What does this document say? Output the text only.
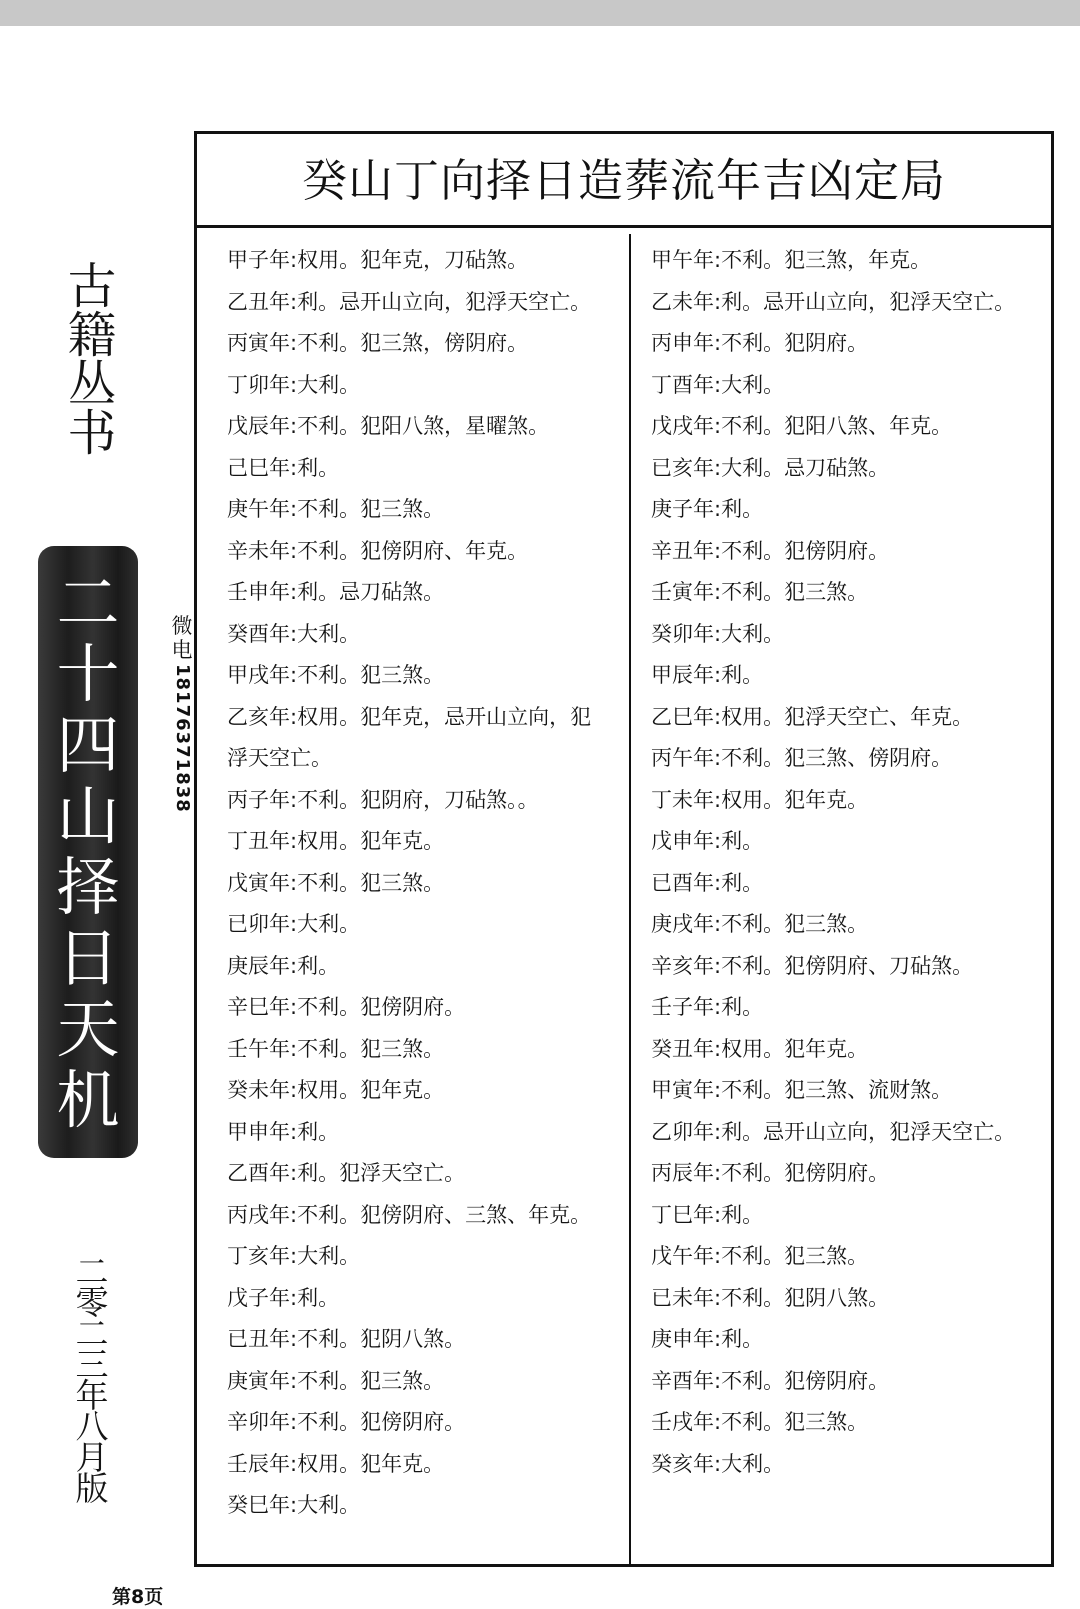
古籍丛书
二十四山择日天机
微电
18176371838
二零二三年八月版
第8页
癸山丁向择日造葬流年吉凶定局
甲子年:权用。犯年克，刀砧煞。
乙丑年:利。忌开山立向，犯浮天空亡。
丙寅年:不利。犯三煞，傍阴府。
丁卯年:大利。
戊辰年:不利。犯阳八煞，星曜煞。
己巳年:利。
庚午年:不利。犯三煞。
辛未年:不利。犯傍阴府、年克。
壬申年:利。忌刀砧煞。
癸酉年:大利。
甲戌年:不利。犯三煞。
乙亥年:权用。犯年克，忌开山立向，犯
浮天空亡。
丙子年:不利。犯阴府，刀砧煞。。
丁丑年:权用。犯年克。
戊寅年:不利。犯三煞。
已卯年:大利。
庚辰年:利。
辛巳年:不利。犯傍阴府。
壬午年:不利。犯三煞。
癸未年:权用。犯年克。
甲申年:利。
乙酉年:利。犯浮天空亡。
丙戌年:不利。犯傍阴府、三煞、年克。
丁亥年:大利。
戊子年:利。
已丑年:不利。犯阴八煞。
庚寅年:不利。犯三煞。
辛卯年:不利。犯傍阴府。
壬辰年:权用。犯年克。
癸巳年:大利。
甲午年:不利。犯三煞，年克。
乙未年:利。忌开山立向，犯浮天空亡。
丙申年:不利。犯阴府。
丁酉年:大利。
戊戌年:不利。犯阳八煞、年克。
已亥年:大利。忌刀砧煞。
庚子年:利。
辛丑年:不利。犯傍阴府。
壬寅年:不利。犯三煞。
癸卯年:大利。
甲辰年:利。
乙巳年:权用。犯浮天空亡、年克。
丙午年:不利。犯三煞、傍阴府。
丁未年:权用。犯年克。
戊申年:利。
已酉年:利。
庚戌年:不利。犯三煞。
辛亥年:不利。犯傍阴府、刀砧煞。
壬子年:利。
癸丑年:权用。犯年克。
甲寅年:不利。犯三煞、流财煞。
乙卯年:利。忌开山立向，犯浮天空亡。
丙辰年:不利。犯傍阴府。
丁巳年:利。
戊午年:不利。犯三煞。
已未年:不利。犯阴八煞。
庚申年:利。
辛酉年:不利。犯傍阴府。
壬戌年:不利。犯三煞。
癸亥年:大利。
